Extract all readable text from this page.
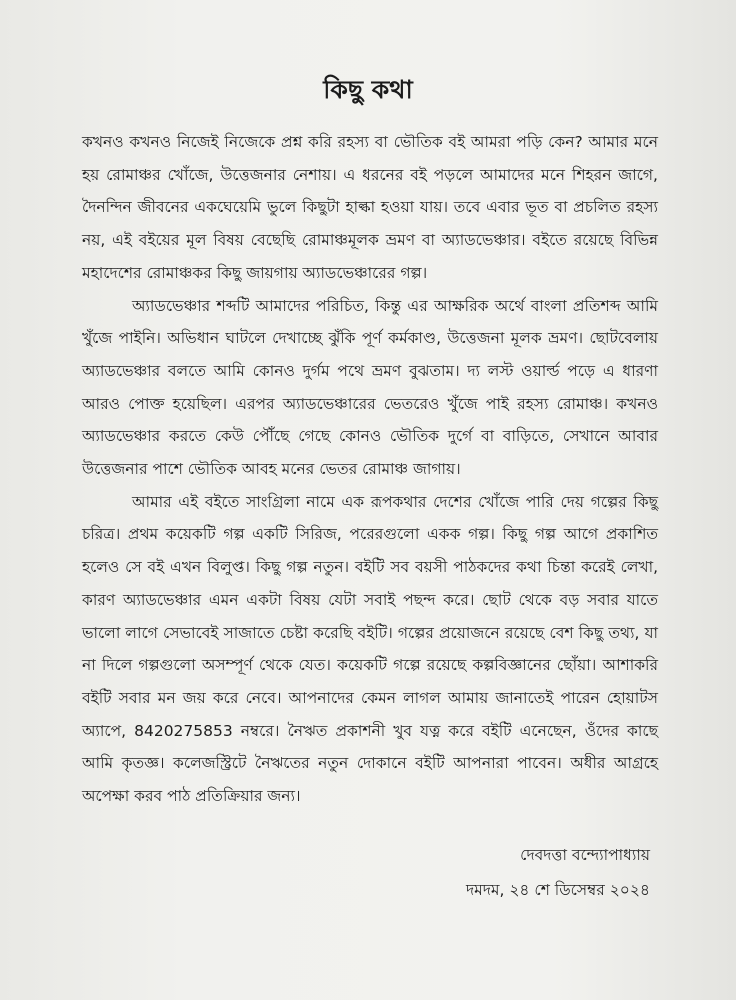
কিছু কথা

কখনও কখনও নিজেই নিজেকে প্রশ্ন করি রহস্য বা ভৌতিক বই আমরা পড়ি কেন? আমার মনে হয় রোমাঞ্চর খোঁজে, উত্তেজনার নেশায়। এ ধরনের বই পড়লে আমাদের মনে শিহরন জাগে, দৈনন্দিন জীবনের একঘেয়েমি ভুলে কিছুটা হাল্কা হওয়া যায়। তবে এবার ভূত বা প্রচলিত রহস্য নয়, এই বইয়ের মূল বিষয় বেছেছি রোমাঞ্চমূলক ভ্রমণ বা অ্যাডভেঞ্চার। বইতে রয়েছে বিভিন্ন মহাদেশের রোমাঞ্চকর কিছু জায়গায় অ্যাডভেঞ্চারের গল্প।

অ্যাডভেঞ্চার শব্দটি আমাদের পরিচিত, কিন্তু এর আক্ষরিক অর্থে বাংলা প্রতিশব্দ আমি খুঁজে পাইনি। অভিধান ঘাটলে দেখাচ্ছে ঝুঁকি পূর্ণ কর্মকাণ্ড, উত্তেজনা মূলক ভ্রমণ। ছোটবেলায় অ্যাডভেঞ্চার বলতে আমি কোনও দুর্গম পথে ভ্রমণ বুঝতাম। দ্য লস্ট ওয়ার্ল্ড পড়ে এ ধারণা আরও পোক্ত হয়েছিল। এরপর অ্যাডভেঞ্চারের ভেতরেও খুঁজে পাই রহস্য রোমাঞ্চ। কখনও অ্যাডভেঞ্চার করতে কেউ পৌঁছে গেছে কোনও ভৌতিক দুর্গে বা বাড়িতে, সেখানে আবার উত্তেজনার পাশে ভৌতিক আবহ মনের ভেতর রোমাঞ্চ জাগায়।

আমার এই বইতে সাংগ্রিলা নামে এক রূপকথার দেশের খোঁজে পারি দেয় গল্পের কিছু চরিত্র। প্রথম কয়েকটি গল্প একটি সিরিজ, পরেরগুলো একক গল্প। কিছু গল্প আগে প্রকাশিত হলেও সে বই এখন বিলুপ্ত। কিছু গল্প নতুন। বইটি সব বয়সী পাঠকদের কথা চিন্তা করেই লেখা, কারণ অ্যাডভেঞ্চার এমন একটা বিষয় যেটা সবাই পছন্দ করে। ছোট থেকে বড় সবার যাতে ভালো লাগে সেভাবেই সাজাতে চেষ্টা করেছি বইটি। গল্পের প্রয়োজনে রয়েছে বেশ কিছু তথ্য, যা না দিলে গল্পগুলো অসম্পূর্ণ থেকে যেত। কয়েকটি গল্পে রয়েছে কল্পবিজ্ঞানের ছোঁয়া। আশাকরি বইটি সবার মন জয় করে নেবে। আপনাদের কেমন লাগল আমায় জানাতেই পারেন হোয়াটস অ্যাপে, 8420275853 নম্বরে। নৈঋত প্রকাশনী খুব যত্ন করে বইটি এনেছেন, ওঁদের কাছে আমি কৃতজ্ঞ। কলেজস্ট্রিটে নৈঋতের নতুন দোকানে বইটি আপনারা পাবেন। অধীর আগ্রহে অপেক্ষা করব পাঠ প্রতিক্রিয়ার জন্য।

দেবদত্তা বন্দ্যোপাধ্যায়

দমদম, ২৪ শে ডিসেম্বর ২০২৪
